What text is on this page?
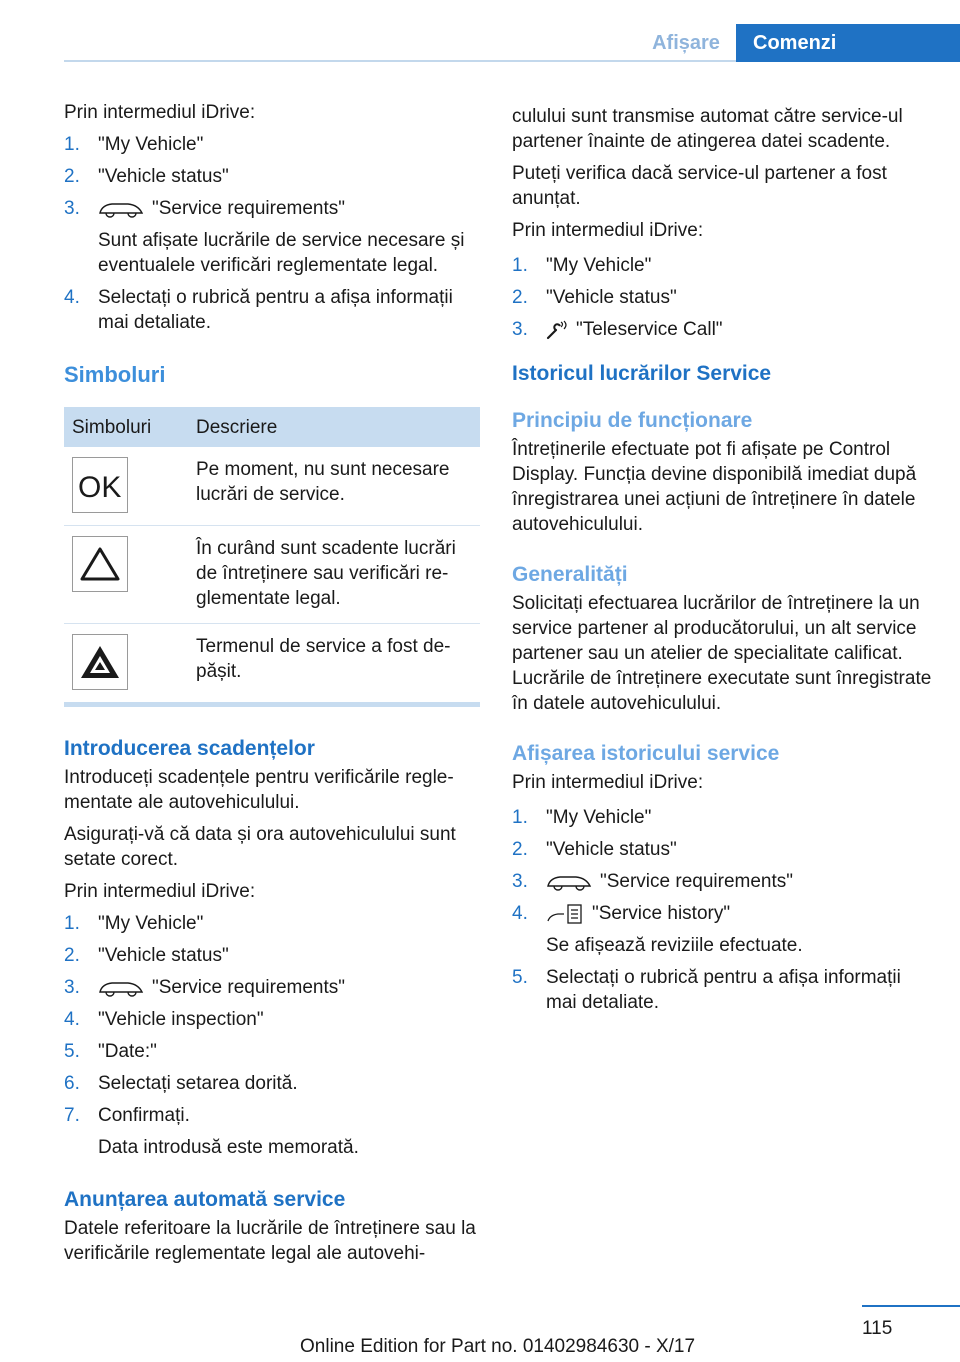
Afișare	Comenzi
Prin intermediul iDrive:
1. "My Vehicle"
2. "Vehicle status"
3.	"Service requirements"
Sunt afișate lucrările de service necesare și eventualele verificări reglementate legal.
4. Selectați o rubrică pentru a afișa informații mai detaliate.
Simboluri
Simboluri	Descriere

OK	Pe moment, nu sunt necesare lucrări de service.

	În curând sunt scadente lucrări de întreținere sau verificări re-glementate legal.

	Termenul de service a fost de-pășit.
Introducerea scadențelor
Introduceți scadențele pentru verificările regle-mentate ale autovehiculului.
Asigurați-vă că data și ora autovehiculului sunt setate corect.
Prin intermediul iDrive:
1. "My Vehicle"
2. "Vehicle status"
3.	"Service requirements"
4. "Vehicle inspection"
5. "Date:"
6. Selectați setarea dorită.
7. Confirmați.
Data introdusă este memorată.
Anunțarea automată service
Datele referitoare la lucrările de întreținere sau la verificările reglementate legal ale autovehi-
culului sunt transmise automat către service-ul partener înainte de atingerea datei scadente.
Puteți verifica dacă service-ul partener a fost anunțat.
Prin intermediul iDrive:
1. "My Vehicle"
2. "Vehicle status"
3.	"Teleservice Call"
Istoricul lucrărilor Service
Principiu de funcționare
Întreținerile efectuate pot fi afișate pe Control Display. Funcția devine disponibilă imediat după înregistrarea unei acțiuni de întreținere în datele autovehiculului.
Generalități
Solicitați efectuarea lucrărilor de întreținere la un service partener al producătorului, un alt service partener sau un atelier de specialitate calificat. Lucrările de întreținere executate sunt înregistrate în datele autovehiculului.
Afișarea istoricului service
Prin intermediul iDrive:
1. "My Vehicle"
2. "Vehicle status"
3.	"Service requirements"
4.	"Service history"
Se afișează reviziile efectuate.
5. Selectați o rubrică pentru a afișa informații mai detaliate.
115
Online Edition for Part no. 01402984630 - X/17
